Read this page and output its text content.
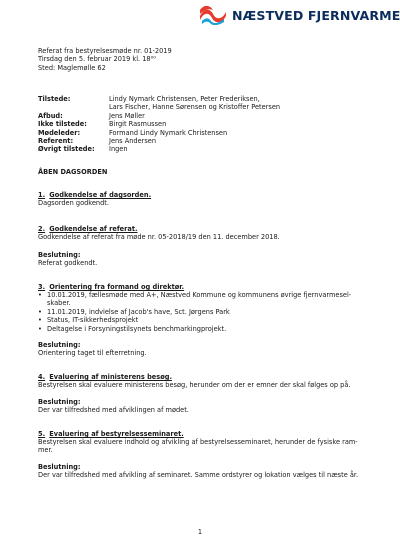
NÆSTVED FJERNVARME
Referat fra bestyrelsesmøde nr. 01-2019
Tirsdag den 5. februar 2019 kl. 18⁰⁰
Sted: Maglemølle 62
Tilstede:	Lindy Nymark Christensen, Peter Frederiksen,
Lars Fischer, Hanne Sørensen og Kristoffer Petersen
Afbud:	Jens Møller
Ikke tilstede:	Birgit Rasmussen
Mødeleder:	Formand Lindy Nymark Christensen
Referent:	Jens Andersen
Øvrigt tilstede:	Ingen
ÅBEN DAGSORDEN
1. Godkendelse af dagsorden.
Dagsorden godkendt.
2. Godkendelse af referat.
Godkendelse af referat fra møde nr. 05-2018/19 den 11. december 2018.
Beslutning:
Referat godkendt.
3. Orientering fra formand og direktør.
• 10.01.2019, fællesmøde med A+, Næstved Kommune og kommunens øvrige fjernvarmesel-
skaber.
• 11.01.2019, indvielse af Jacob's have, Sct. Jørgens Park
• Status, IT-sikkerhedsprojekt
• Deltagelse i Forsyningstilsynets benchmarkingprojekt.
Beslutning:
Orientering taget til efterretning.
4. Evaluering af ministerens besøg.
Bestyrelsen skal evaluere ministerens besøg, herunder om der er emner der skal følges op på.
Beslutning:
Der var tilfredshed med afviklingen af mødet.
5. Evaluering af bestyrelsesseminaret.
Bestyrelsen skal evaluere indhold og afvikling af bestyrelsesseminaret, herunder de fysiske ram-
mer.
Beslutning:
Der var tilfredshed med afvikling af seminaret. Samme ordstyrer og lokation vælges til næste år.
1
